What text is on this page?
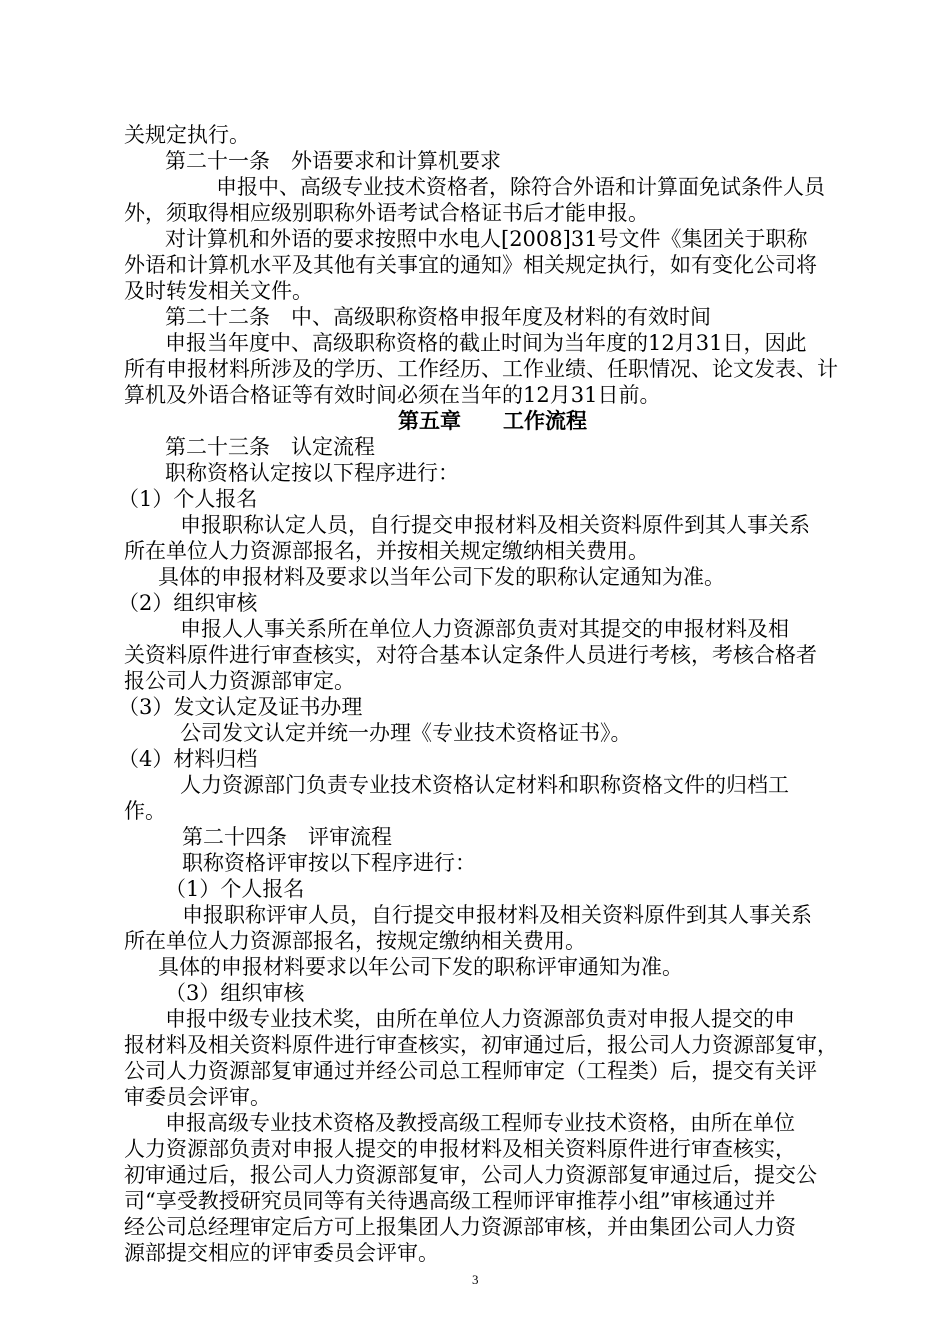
关规定执行。

第二十一条　外语要求和计算机要求

申报中、高级专业技术资格者，除符合外语和计算面免试条件人员

外，须取得相应级别职称外语考试合格证书后才能申报。

对计算机和外语的要求按照中水电人[2008]31号文件《集团关于职称

外语和计算机水平及其他有关事宜的通知》相关规定执行，如有变化公司将

及时转发相关文件。

第二十二条　中、高级职称资格申报年度及材料的有效时间

申报当年度中、高级职称资格的截止时间为当年度的12月31日，因此

所有申报材料所涉及的学历、工作经历、工作业绩、任职情况、论文发表、计

算机及外语合格证等有效时间必须在当年的12月31日前。

第五章　　工作流程

第二十三条　认定流程

职称资格认定按以下程序进行：

（1）个人报名

申报职称认定人员，自行提交申报材料及相关资料原件到其人事关系

所在单位人力资源部报名，并按相关规定缴纳相关费用。

具体的申报材料及要求以当年公司下发的职称认定通知为准。

（2）组织审核

申报人人事关系所在单位人力资源部负责对其提交的申报材料及相

关资料原件进行审查核实，对符合基本认定条件人员进行考核，考核合格者

报公司人力资源部审定。

（3）发文认定及证书办理

公司发文认定并统一办理《专业技术资格证书》。

（4）材料归档

人力资源部门负责专业技术资格认定材料和职称资格文件的归档工

作。

第二十四条　评审流程

职称资格评审按以下程序进行：

（1）个人报名

申报职称评审人员，自行提交申报材料及相关资料原件到其人事关系

所在单位人力资源部报名，按规定缴纳相关费用。

具体的申报材料要求以年公司下发的职称评审通知为准。

（3）组织审核

申报中级专业技术奖，由所在单位人力资源部负责对申报人提交的申

报材料及相关资料原件进行审查核实，初审通过后，报公司人力资源部复审，

公司人力资源部复审通过并经公司总工程师审定（工程类）后，提交有关评

审委员会评审。

申报高级专业技术资格及教授高级工程师专业技术资格，由所在单位

人力资源部负责对申报人提交的申报材料及相关资料原件进行审查核实，

初审通过后，报公司人力资源部复审，公司人力资源部复审通过后，提交公

司“享受教授研究员同等有关待遇高级工程师评审推荐小组”审核通过并

经公司总经理审定后方可上报集团人力资源部审核，并由集团公司人力资

源部提交相应的评审委员会评审。

3
